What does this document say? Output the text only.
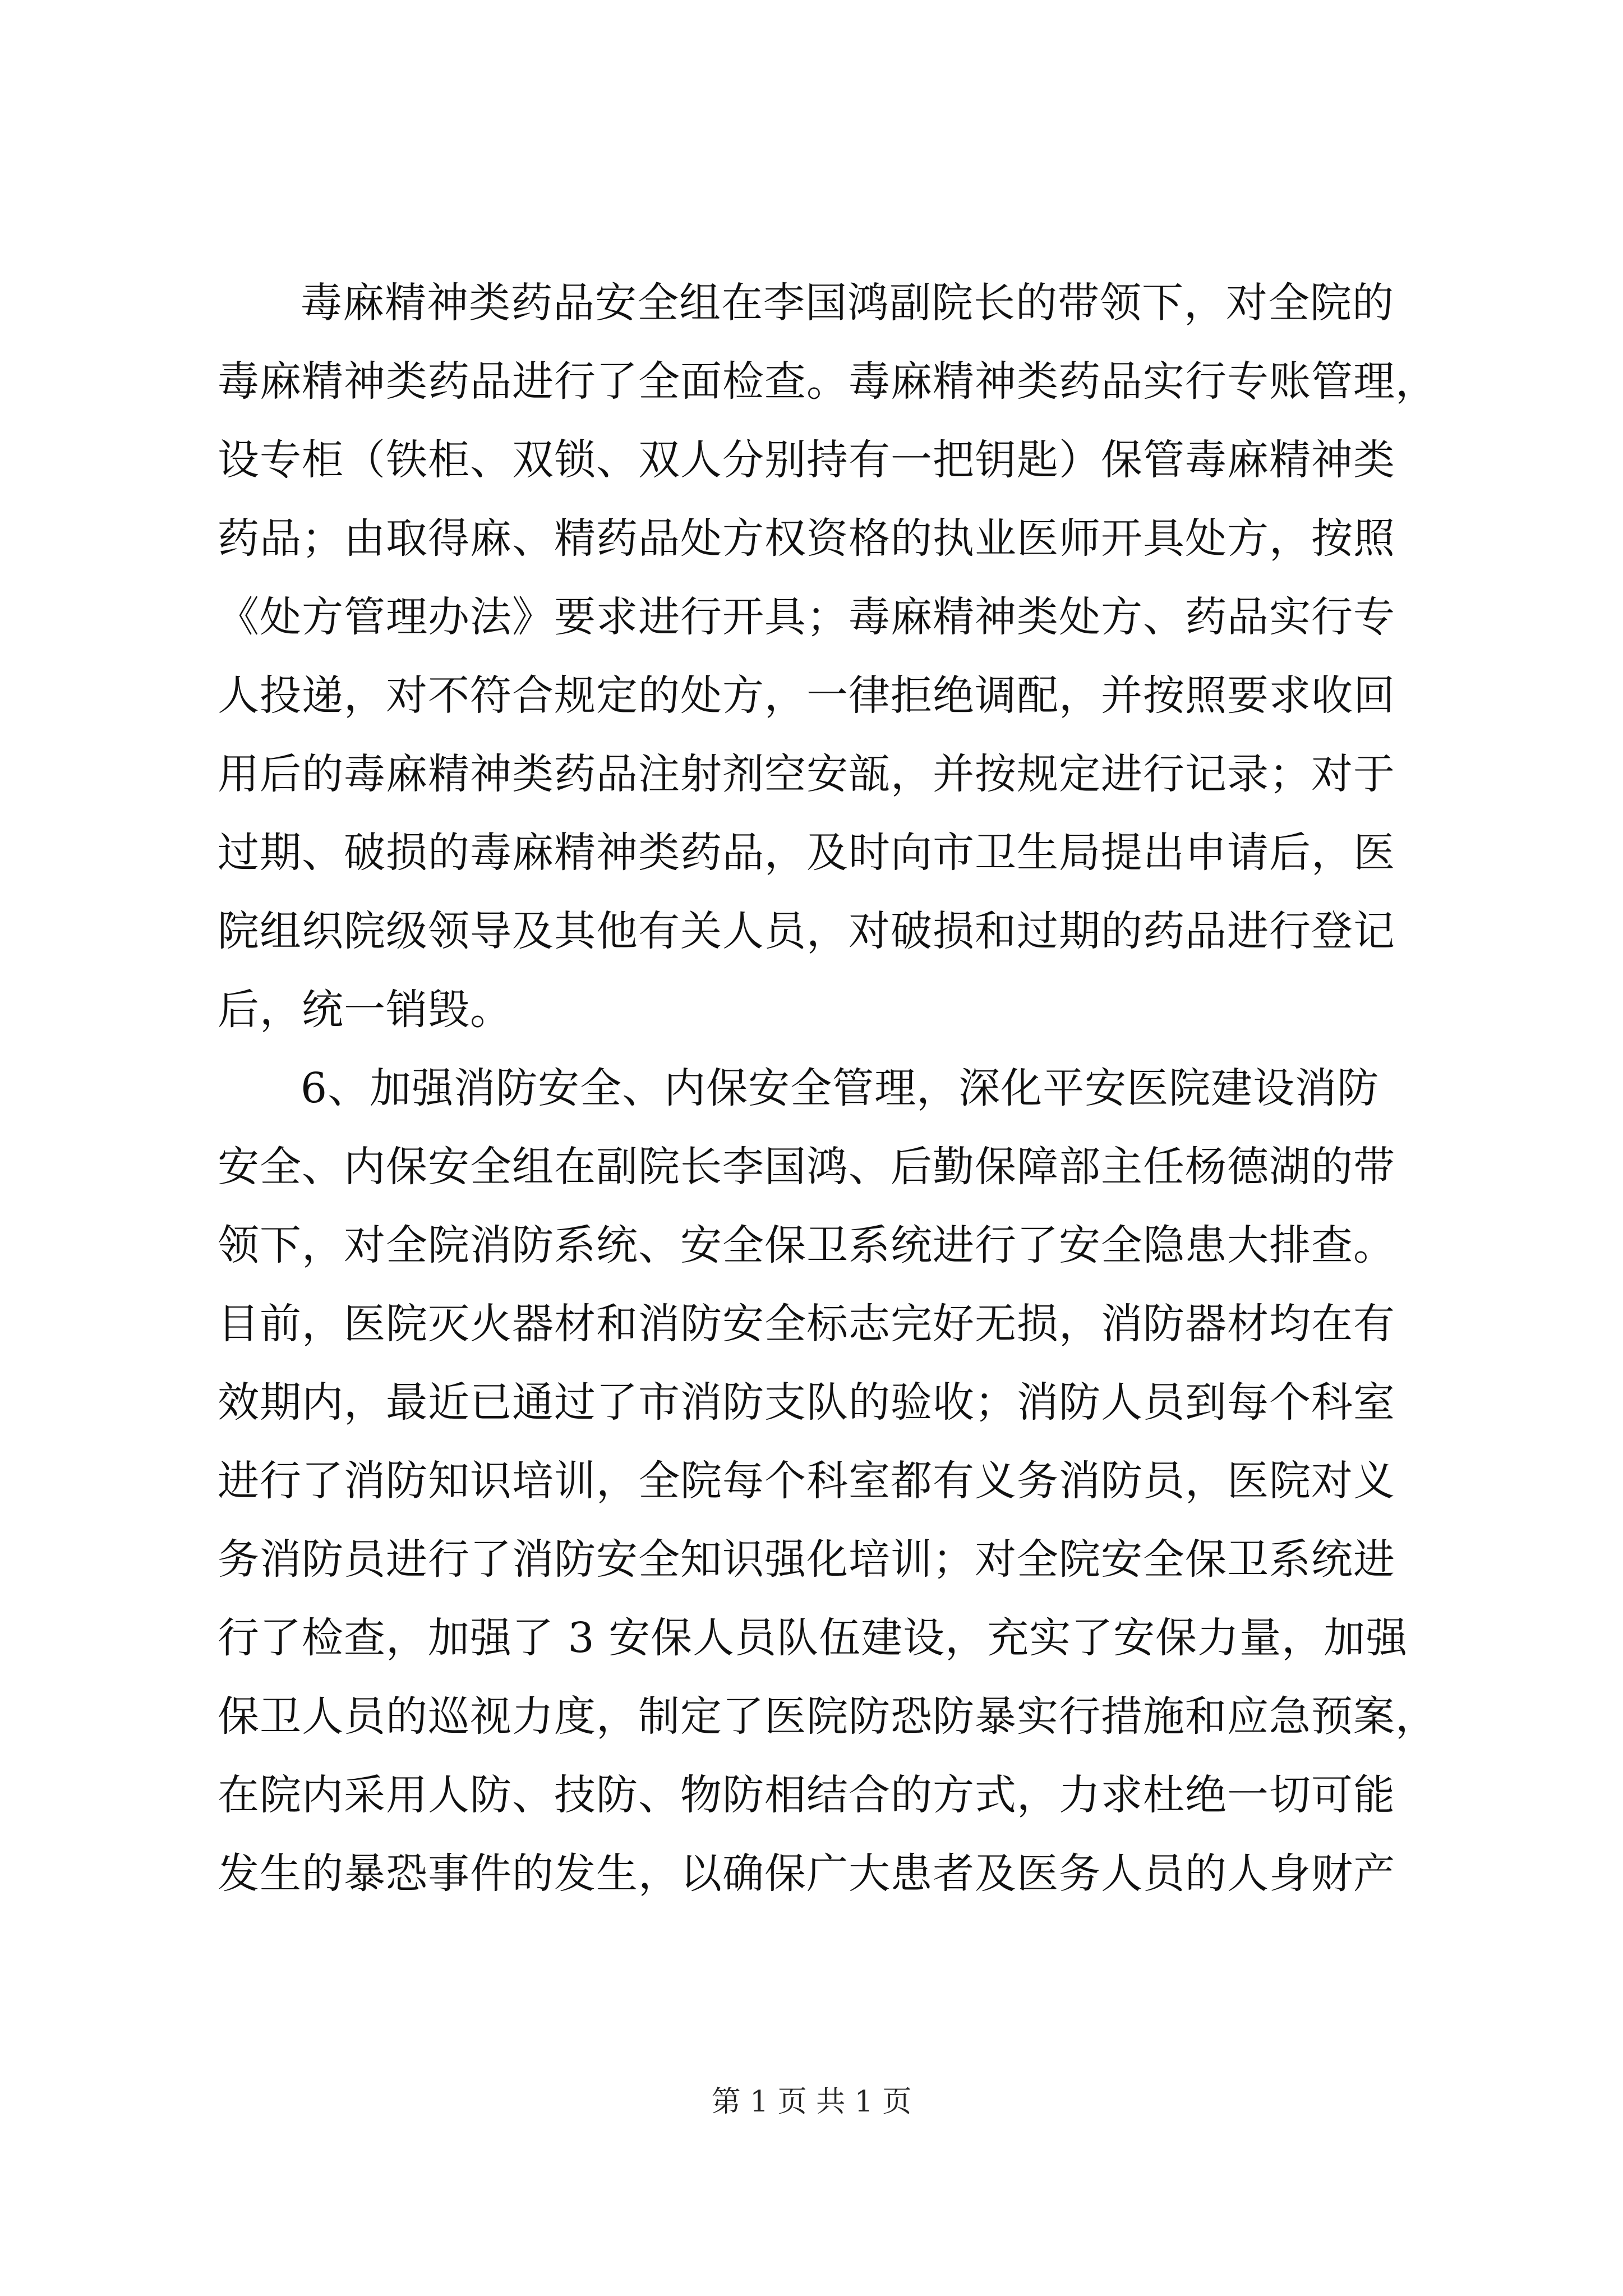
毒麻精神类药品安全组在李国鸿副院长的带领下，对全院的
毒麻精神类药品进行了全面检查。毒麻精神类药品实行专账管理，
设专柜（铁柜、双锁、双人分别持有一把钥匙）保管毒麻精神类
药品；由取得麻、精药品处方权资格的执业医师开具处方，按照
《处方管理办法》要求进行开具；毒麻精神类处方、药品实行专
人投递，对不符合规定的处方，一律拒绝调配，并按照要求收回
用后的毒麻精神类药品注射剂空安瓿，并按规定进行记录；对于
过期、破损的毒麻精神类药品，及时向市卫生局提出申请后，医
院组织院级领导及其他有关人员，对破损和过期的药品进行登记
后，统一销毁。
6、加强消防安全、内保安全管理，深化平安医院建设消防
安全、内保安全组在副院长李国鸿、后勤保障部主任杨德湖的带
领下，对全院消防系统、安全保卫系统进行了安全隐患大排查。
目前，医院灭火器材和消防安全标志完好无损，消防器材均在有
效期内，最近已通过了市消防支队的验收；消防人员到每个科室
进行了消防知识培训，全院每个科室都有义务消防员，医院对义
务消防员进行了消防安全知识强化培训；对全院安全保卫系统进
行了检查，加强了 3 安保人员队伍建设，充实了安保力量，加强
保卫人员的巡视力度，制定了医院防恐防暴实行措施和应急预案，
在院内采用人防、技防、物防相结合的方式，力求杜绝一切可能
发生的暴恐事件的发生，以确保广大患者及医务人员的人身财产
第 1 页 共 1 页
